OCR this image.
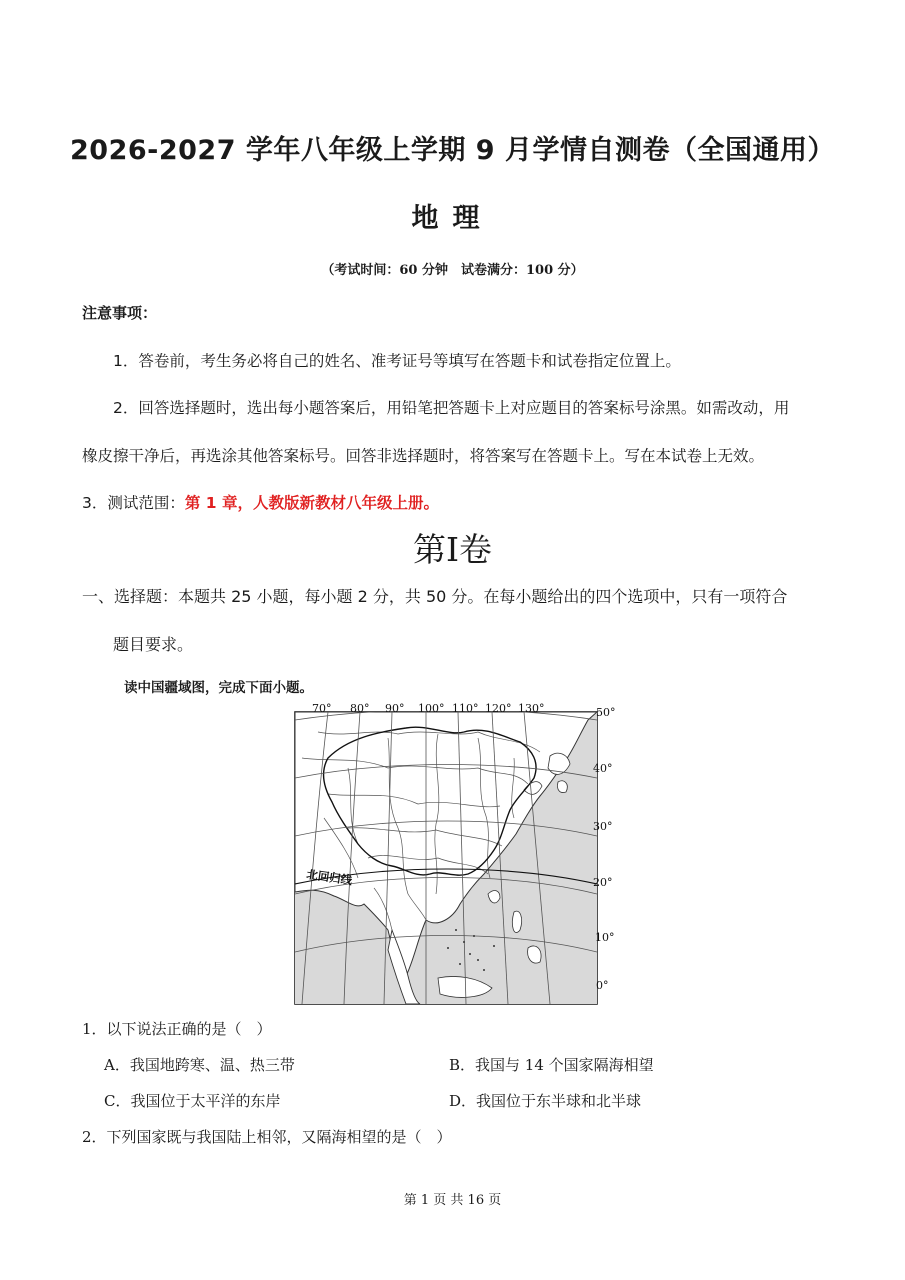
2026-2027 学年八年级上学期 9 月学情自测卷（全国通用）
地理
（考试时间：60 分钟　试卷满分：100 分）
注意事项：
1．答卷前，考生务必将自己的姓名、准考证号等填写在答题卡和试卷指定位置上。
2．回答选择题时，选出每小题答案后，用铅笔把答题卡上对应题目的答案标号涂黑。如需改动，用
橡皮擦干净后，再选涂其他答案标号。回答非选择题时，将答案写在答题卡上。写在本试卷上无效。
3．测试范围：第 1 章，人教版新教材八年级上册。
第Ⅰ卷
一、选择题：本题共 25 小题，每小题 2 分，共 50 分。在每小题给出的四个选项中，只有一项符合
题目要求。
读中国疆域图，完成下面小题。
70° 80° 90° 100° 110° 120° 130°	50°
40°
30°
20°
10°
0°
北回归线
1．以下说法正确的是（　）
A．我国地跨寒、温、热三带	B．我国与 14 个国家隔海相望
C．我国位于太平洋的东岸	D．我国位于东半球和北半球
2．下列国家既与我国陆上相邻，又隔海相望的是（　）
第 1 页 共 16 页
